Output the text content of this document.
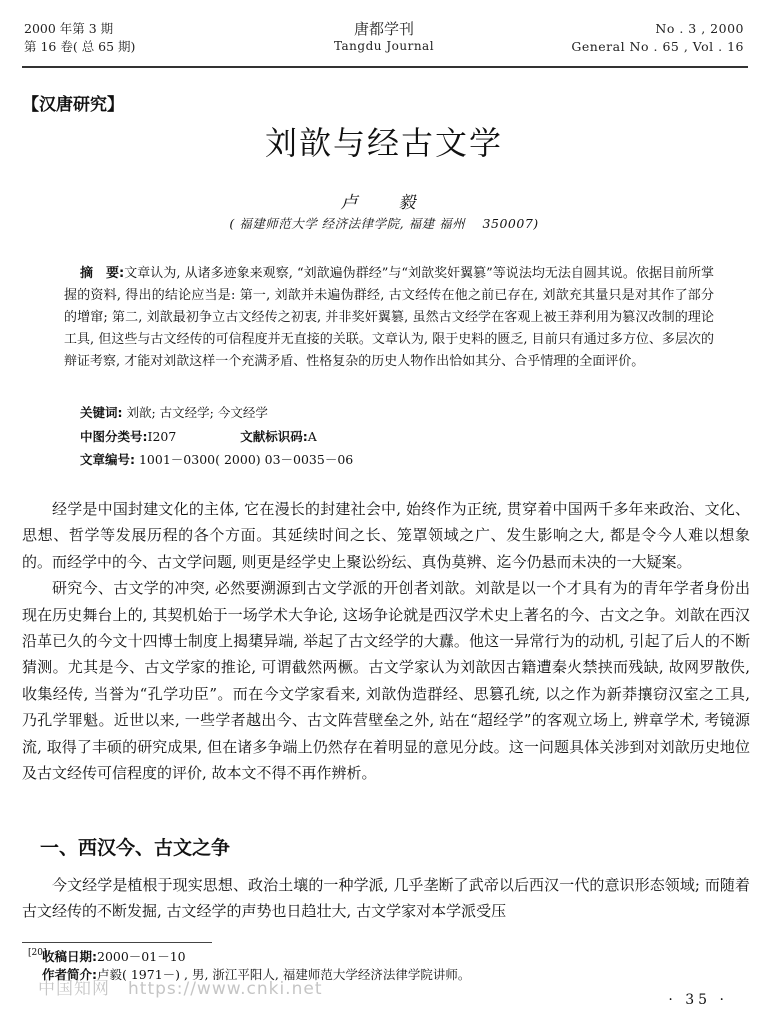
2000 年第 3 期
第 16 卷( 总 65 期)
唐都学刊
Tangdu Journal
No . 3 , 2000
General No . 65 , Vol . 16
【汉唐研究】
刘歆与经古文学
卢　毅
( 福建师范大学 经济法律学院, 福建 福州　 350007)
摘　要:文章认为, 从诸多迹象来观察, “刘歆遍伪群经”与“刘歆奖奸翼篡”等说法均无法自圆其说。依据目前所掌握的资料, 得出的结论应当是: 第一, 刘歆并未遍伪群经, 古文经传在他之前已存在, 刘歆充其量只是对其作了部分的增窜; 第二, 刘歆最初争立古文经传之初衷, 并非奖奸翼篡, 虽然古文经学在客观上被王莽利用为篡汉改制的理论工具, 但这些与古文经传的可信程度并无直接的关联。文章认为, 限于史料的匮乏, 目前只有通过多方位、多层次的辩证考察, 才能对刘歆这样一个充满矛盾、性格复杂的历史人物作出恰如其分、合乎情理的全面评价。
关键词: 刘歆; 古文经学; 今文经学
中图分类号:I207	文献标识码:A
文章编号: 1001－0300( 2000) 03－0035－06

经学是中国封建文化的主体, 它在漫长的封建社会中, 始终作为正统, 贯穿着中国两千多年来政治、文化、思想、哲学等发展历程的各个方面。其延续时间之长、笼罩领域之广、发生影响之大, 都是令今人难以想象的。而经学中的今、古文学问题, 则更是经学史上聚讼纷纭、真伪莫辨、迄今仍悬而未决的一大疑案。

研究今、古文学的冲突, 必然要溯源到古文学派的开创者刘歆。刘歆是以一个才具有为的青年学者身份出现在历史舞台上的, 其契机始于一场学术大争论, 这场争论就是西汉学术史上著名的今、古文之争。刘歆在西汉沿革已久的今文十四博士制度上揭橥异端, 举起了古文经学的大纛。他这一异常行为的动机, 引起了后人的不断猜测。尤其是今、古文学家的推论, 可谓截然两橛。古文学家认为刘歆因古籍遭秦火禁挟而残缺, 故网罗散佚, 收集经传, 当誉为“孔学功臣”。而在今文学家看来, 刘歆伪造群经、思篡孔统, 以之作为新莽攘窃汉室之工具, 乃孔学罪魁。近世以来, 一些学者越出今、古文阵营壁垒之外, 站在“超经学”的客观立场上, 辨章学术, 考镜源流, 取得了丰硕的研究成果, 但在诸多争端上仍然存在着明显的意见分歧。这一问题具体关涉到对刘歆历史地位及古文经传可信程度的评价, 故本文不得不再作辨析。

一、西汉今、古文之争

今文经学是植根于现实思想、政治土壤的一种学派, 几乎垄断了武帝以后西汉一代的意识形态领域; 而随着古文经传的不断发掘, 古文经学的声势也日趋壮大, 古文学家对本学派受压

[20]
收稿日期:2000－01－10
作者简介:卢毅( 1971－) , 男, 浙江平阳人, 福建师范大学经济法律学院讲师。
中国知网　https://www.cnki.net
· 35 ·
